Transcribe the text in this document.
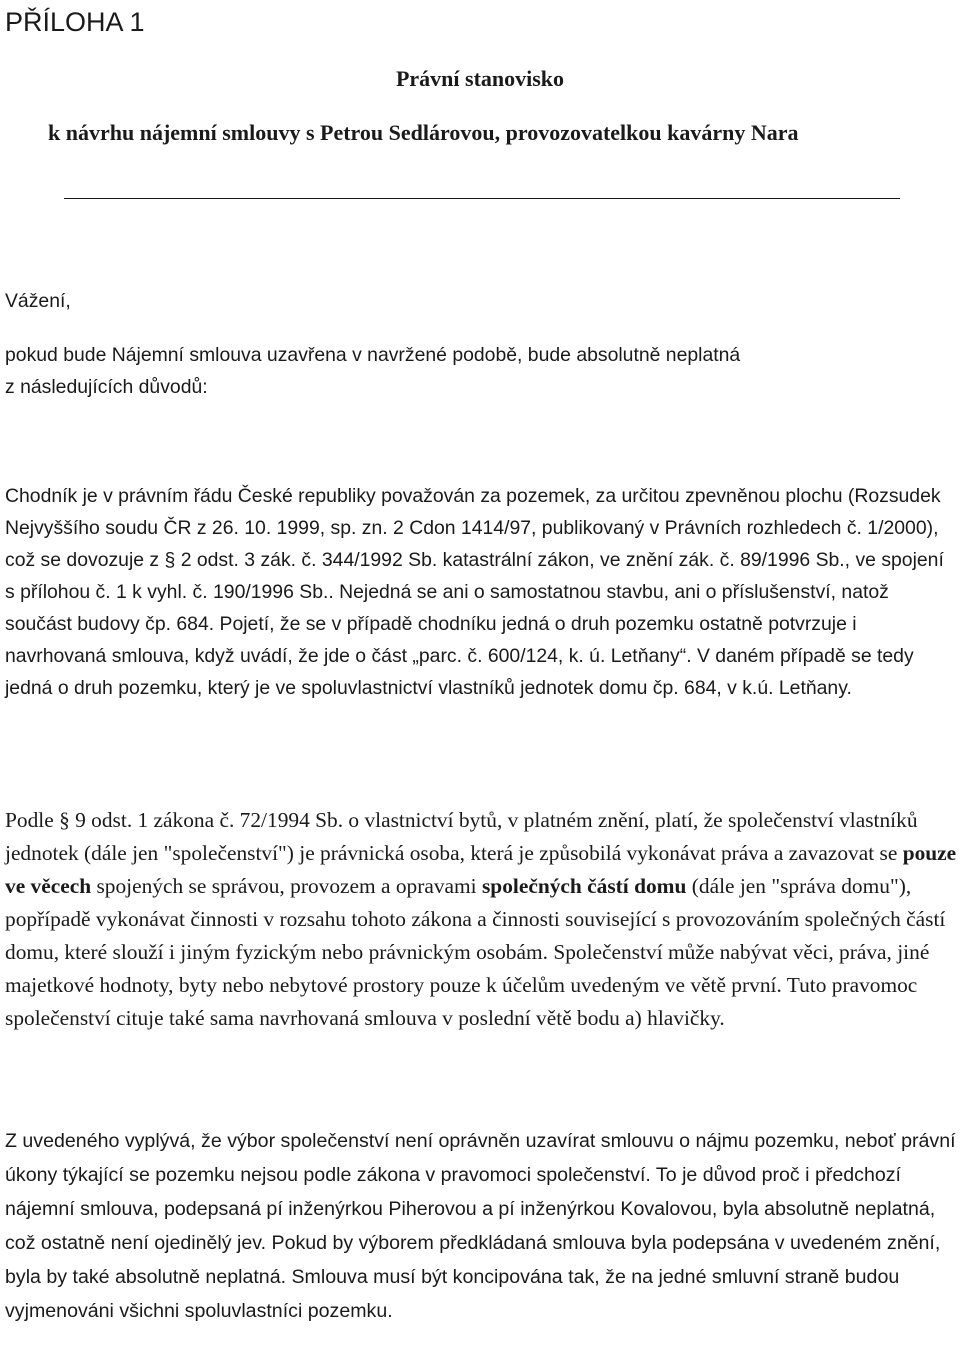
PŘÍLOHA 1
Právní stanovisko
k návrhu nájemní smlouvy s Petrou Sedlárovou, provozovatelkou kavárny Nara

Vážení,

pokud bude Nájemní smlouva uzavřena v navržené podobě, bude absolutně neplatná
z následujících důvodů:

Chodník je v právním řádu České republiky považován za pozemek, za určitou zpevněnou plochu (Rozsudek Nejvyššího soudu ČR z 26. 10. 1999, sp. zn. 2 Cdon 1414/97, publikovaný v Právních rozhledech č. 1/2000), což se dovozuje z § 2 odst. 3 zák. č. 344/1992 Sb. katastrální zákon, ve znění zák. č. 89/1996 Sb., ve spojení s přílohou č. 1 k vyhl. č. 190/1996 Sb.. Nejedná se ani o samostatnou stavbu, ani o příslušenství, natož součást budovy čp. 684. Pojetí, že se v případě chodníku jedná o druh pozemku ostatně potvrzuje i navrhovaná smlouva, když uvádí, že jde o část „parc. č. 600/124, k. ú. Letňany“. V daném případě se tedy jedná o druh pozemku, který je ve spoluvlastnictví vlastníků jednotek domu čp. 684, v k.ú. Letňany.

Podle § 9 odst. 1 zákona č. 72/1994 Sb. o vlastnictví bytů, v platném znění, platí, že společenství vlastníků jednotek (dále jen "společenství") je právnická osoba, která je způsobilá vykonávat práva a zavazovat se pouze ve věcech spojených se správou, provozem a opravami společných částí domu (dále jen "správa domu"), popřípadě vykonávat činnosti v rozsahu tohoto zákona a činnosti související s provozováním společných částí domu, které slouží i jiným fyzickým nebo právnickým osobám. Společenství může nabývat věci, práva, jiné majetkové hodnoty, byty nebo nebytové prostory pouze k účelům uvedeným ve větě první. Tuto pravomoc společenství cituje také sama navrhovaná smlouva v poslední větě bodu a) hlavičky.

Z uvedeného vyplývá, že výbor společenství není oprávněn uzavírat smlouvu o nájmu pozemku, neboť právní úkony týkající se pozemku nejsou podle zákona v pravomoci společenství. To je důvod proč i předchozí nájemní smlouva, podepsaná pí inženýrkou Piherovou a pí inženýrkou Kovalovou, byla absolutně neplatná, což ostatně není ojedinělý jev. Pokud by výborem předkládaná smlouva byla podepsána v uvedeném znění, byla by také absolutně neplatná. Smlouva musí být koncipována tak, že na jedné smluvní straně budou vyjmenováni všichni spoluvlastníci pozemku.
